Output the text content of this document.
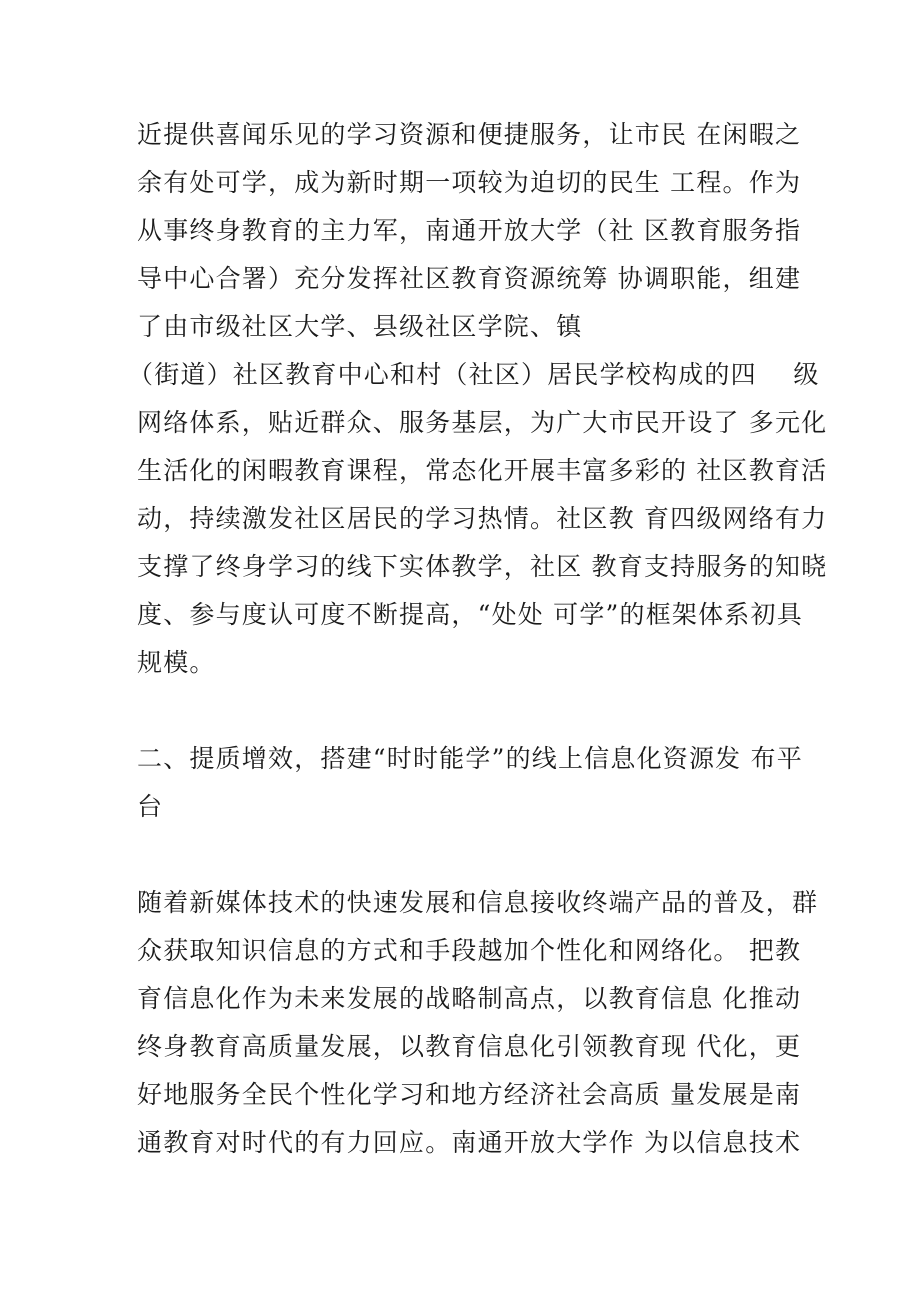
近提供喜闻乐见的学习资源和便捷服务，让市民 在闲暇之
余有处可学，成为新时期一项较为迫切的民生 工程。作为
从事终身教育的主力军，南通开放大学（社 区教育服务指
导中心合署）充分发挥社区教育资源统筹 协调职能，组建
了由市级社区大学、县级社区学院、镇
（街道）社区教育中心和村（社区）居民学校构成的四    级
网络体系，贴近群众、服务基层，为广大市民开设了 多元化
生活化的闲暇教育课程，常态化开展丰富多彩的 社区教育活
动，持续激发社区居民的学习热情。社区教 育四级网络有力
支撑了终身学习的线下实体教学，社区 教育支持服务的知晓
度、参与度认可度不断提高，“处处 可学”的框架体系初具
规模。
二、提质增效，搭建“时时能学”的线上信息化资源发 布平
台
随着新媒体技术的快速发展和信息接收终端产品的普及，群
众获取知识信息的方式和手段越加个性化和网络化。 把教
育信息化作为未来发展的战略制高点，以教育信息 化推动
终身教育高质量发展，以教育信息化引领教育现 代化，更
好地服务全民个性化学习和地方经济社会高质 量发展是南
通教育对时代的有力回应。南通开放大学作 为以信息技术
